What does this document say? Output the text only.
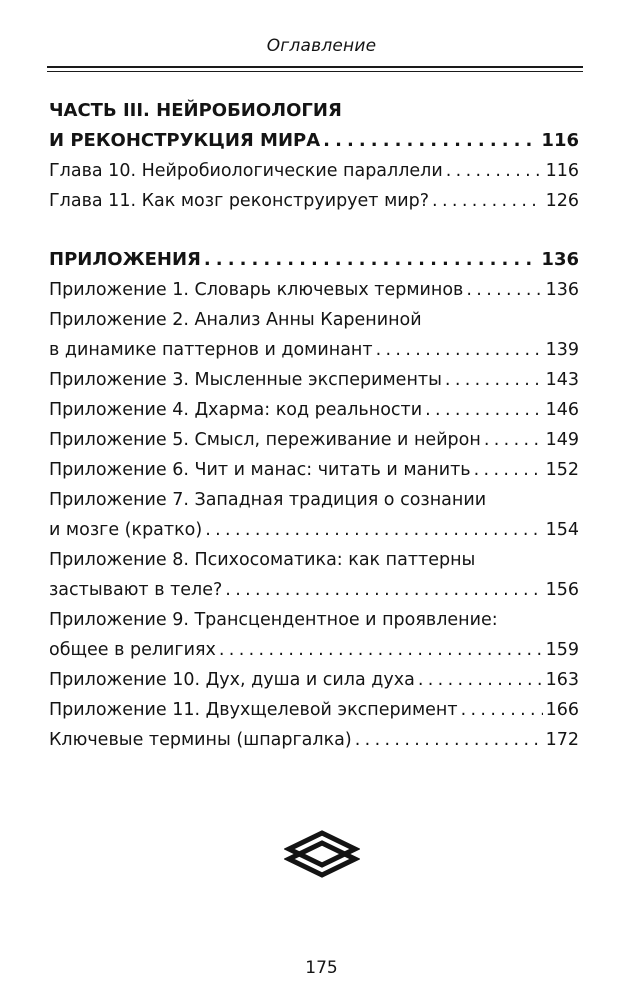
Оглавление
ЧАСТЬ III. НЕЙРОБИОЛОГИЯ
И РЕКОНСТРУКЦИЯ МИРА . . .	116
Глава 10. Нейробиологические параллели . . .	116
Глава 11. Как мозг реконструирует мир? . . .	126
ПРИЛОЖЕНИЯ . . .	136
Приложение 1. Словарь ключевых терминов . . .	136
Приложение 2. Анализ Анны Карениной
в динамике паттернов и доминант . . .	139
Приложение 3. Мысленные эксперименты . . .	143
Приложение 4. Дхарма: код реальности . . .	146
Приложение 5. Смысл, переживание и нейрон . . .	149
Приложение 6. Чит и манас: читать и манить . . .	152
Приложение 7. Западная традиция о сознании
и мозге (кратко) . . .	154
Приложение 8. Психосоматика: как паттерны
застывают в теле? . . .	156
Приложение 9. Трансцендентное и проявление:
общее в религиях . . .	159
Приложение 10. Дух, душа и сила духа . . .	163
Приложение 11. Двухщелевой эксперимент . . .	166
Ключевые термины (шпаргалка) . . .	172
175
